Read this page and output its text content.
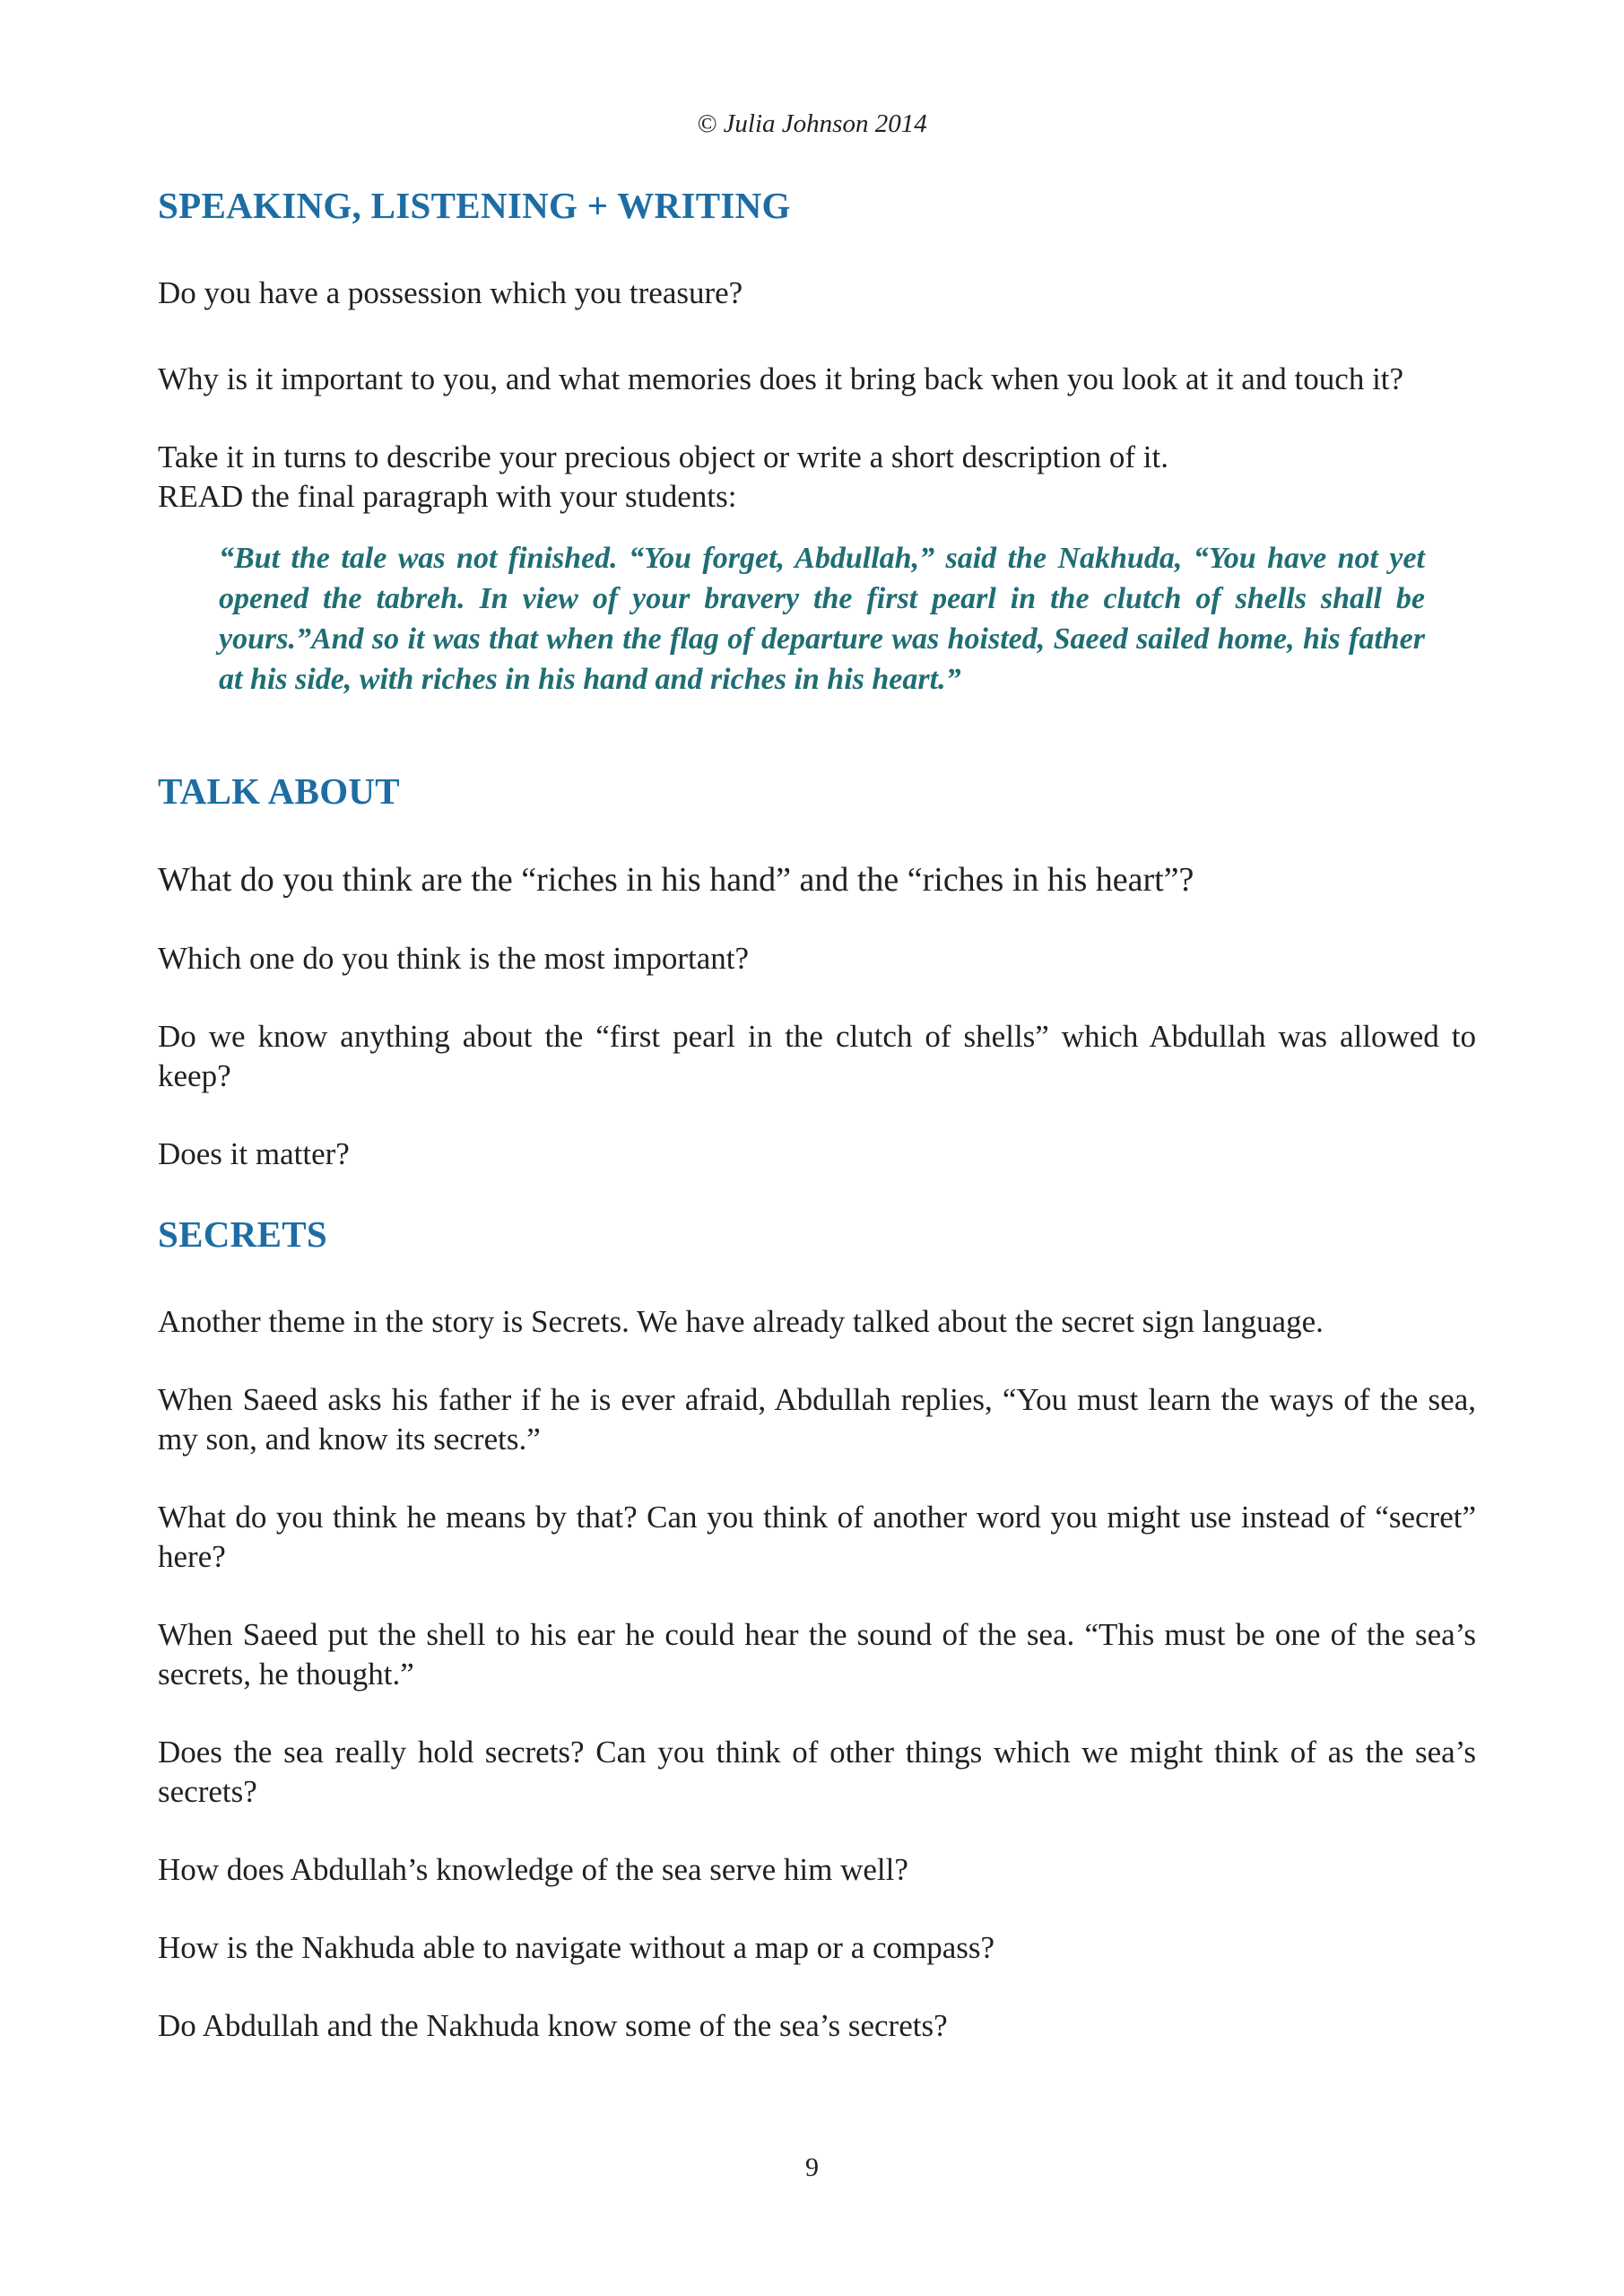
© Julia Johnson 2014
SPEAKING, LISTENING + WRITING

Do you have a possession which you treasure?

Why is it important to you, and what memories does it bring back when you look at it and touch it?

Take it in turns to describe your precious object or write a short description of it.

READ the final paragraph with your students:

“But the tale was not finished. “You forget, Abdullah,” said the Nakhuda, “You have not yet opened the tabreh. In view of your bravery the first pearl in the clutch of shells shall be yours.”And so it was that when the flag of departure was hoisted, Saeed sailed home, his father at his side, with riches in his hand and riches in his heart.”

TALK ABOUT

What do you think are the “riches in his hand” and the “riches in his heart”?

Which one do you think is the most important?

Do we know anything about the “first pearl in the clutch of shells” which Abdullah was allowed to keep?

Does it matter?

SECRETS

Another theme in the story is Secrets. We have already talked about the secret sign language.

When Saeed asks his father if he is ever afraid, Abdullah replies, “You must learn the ways of the sea, my son, and know its secrets.”

What do you think he means by that? Can you think of another word you might use instead of “secret” here?

When Saeed put the shell to his ear he could hear the sound of the sea. “This must be one of the sea’s secrets, he thought.”

Does the sea really hold secrets? Can you think of other things which we might think of as the sea’s secrets?

How does Abdullah’s knowledge of the sea serve him well?

How is the Nakhuda able to navigate without a map or a compass?

Do Abdullah and the Nakhuda know some of the sea’s secrets?

9
